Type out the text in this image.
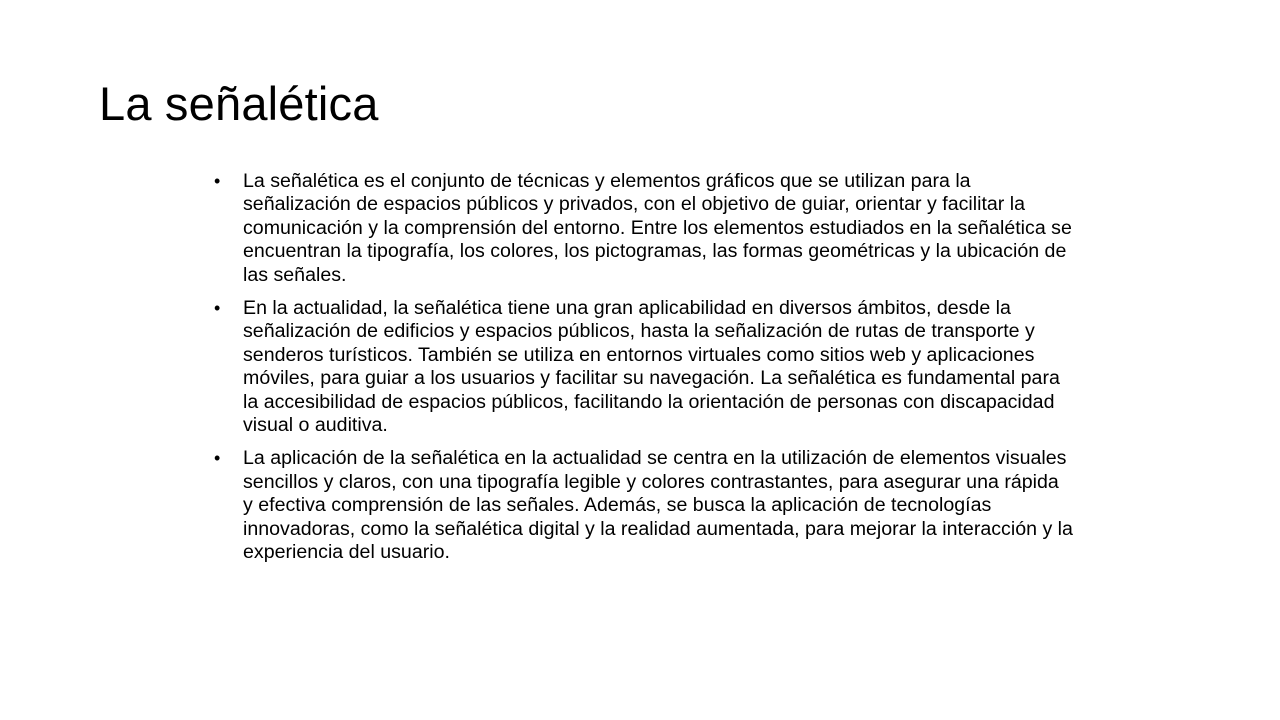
La señalética
• La señalética es el conjunto de técnicas y elementos gráficos que se utilizan para la señalización de espacios públicos y privados, con el objetivo de guiar, orientar y facilitar la comunicación y la comprensión del entorno. Entre los elementos estudiados en la señalética se encuentran la tipografía, los colores, los pictogramas, las formas geométricas y la ubicación de las señales.
• En la actualidad, la señalética tiene una gran aplicabilidad en diversos ámbitos, desde la señalización de edificios y espacios públicos, hasta la señalización de rutas de transporte y senderos turísticos. También se utiliza en entornos virtuales como sitios web y aplicaciones móviles, para guiar a los usuarios y facilitar su navegación. La señalética es fundamental para la accesibilidad de espacios públicos, facilitando la orientación de personas con discapacidad visual o auditiva.
• La aplicación de la señalética en la actualidad se centra en la utilización de elementos visuales sencillos y claros, con una tipografía legible y colores contrastantes, para asegurar una rápida y efectiva comprensión de las señales. Además, se busca la aplicación de tecnologías innovadoras, como la señalética digital y la realidad aumentada, para mejorar la interacción y la experiencia del usuario.
